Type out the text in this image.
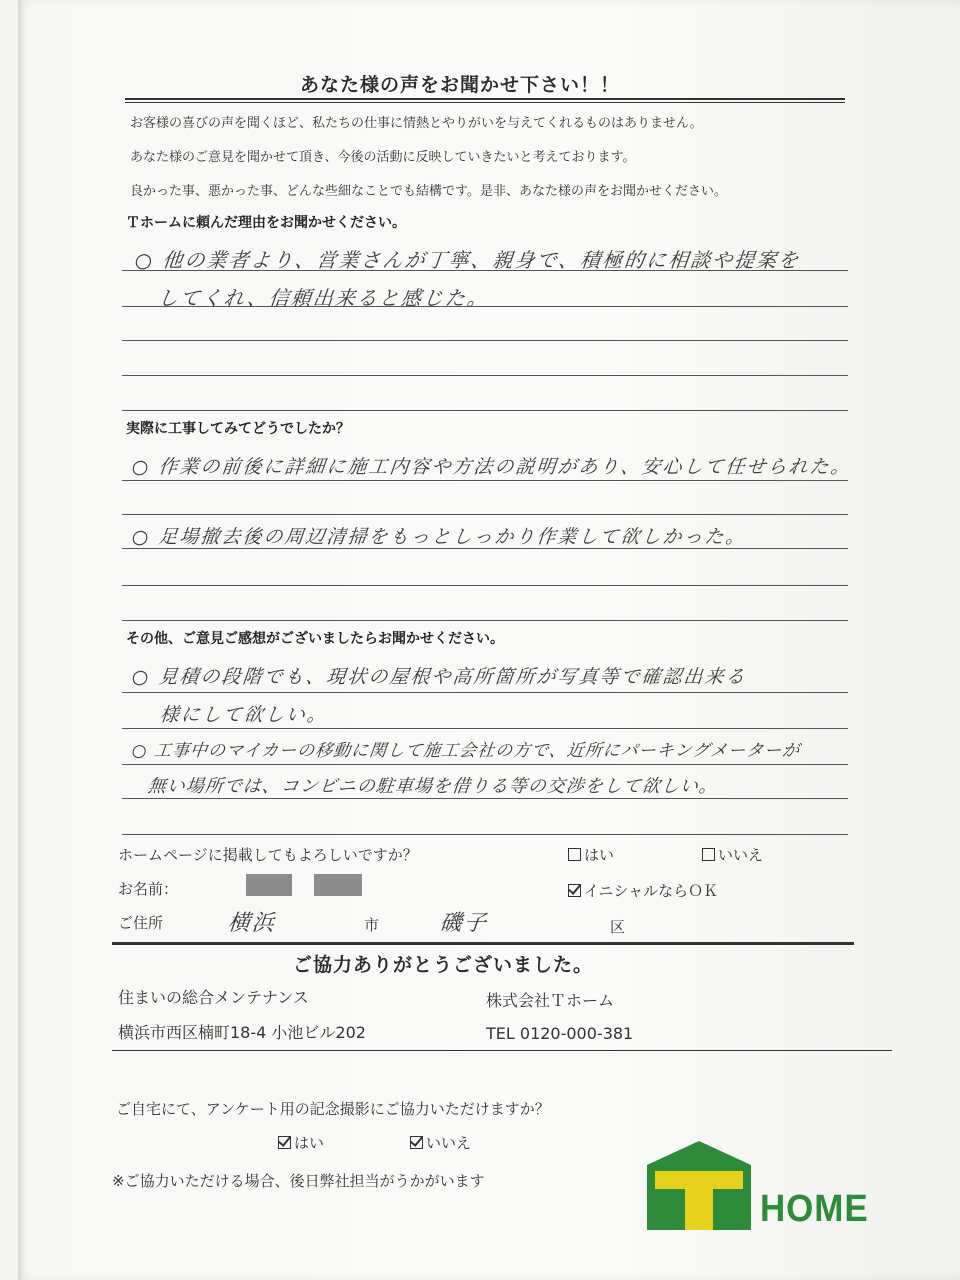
あなた様の声をお聞かせ下さい！！
お客様の喜びの声を聞くほど、私たちの仕事に情熱とやりがいを与えてくれるものはありません。
あなた様のご意見を聞かせて頂き、今後の活動に反映していきたいと考えております。
良かった事、悪かった事、どんな些細なことでも結構です。是非、あなた様の声をお聞かせください。
Ｔホームに頼んだ理由をお聞かせください。
○ 他の業者より、営業さんが丁寧、親身で、積極的に相談や提案を
してくれ、信頼出来ると感じた。
実際に工事してみてどうでしたか？
○ 作業の前後に詳細に施工内容や方法の説明があり、安心して任せられた。
○ 足場撤去後の周辺清掃をもっとしっかり作業して欲しかった。
その他、ご意見ご感想がございましたらお聞かせください。
○ 見積の段階でも、現状の屋根や高所箇所が写真等で確認出来る
様にして欲しい。
○ 工事中のマイカーの移動に関して施工会社の方で、近所にパーキングメーターが
無い場所では、コンビニの駐車場を借りる等の交渉をして欲しい。
ホームページに掲載してもよろしいですか？	はい	いいえ
お名前：	イニシャルならＯＫ
ご住所	横浜	市	磯子	区
ご協力ありがとうございました。
住まいの総合メンテナンス	株式会社Ｔホーム
横浜市西区楠町18-4 小池ビル202	TEL 0120-000-381
ご自宅にて、アンケート用の記念撮影にご協力いただけますか？
はい	いいえ
※ご協力いただける場合、後日弊社担当がうかがいます
HOME
